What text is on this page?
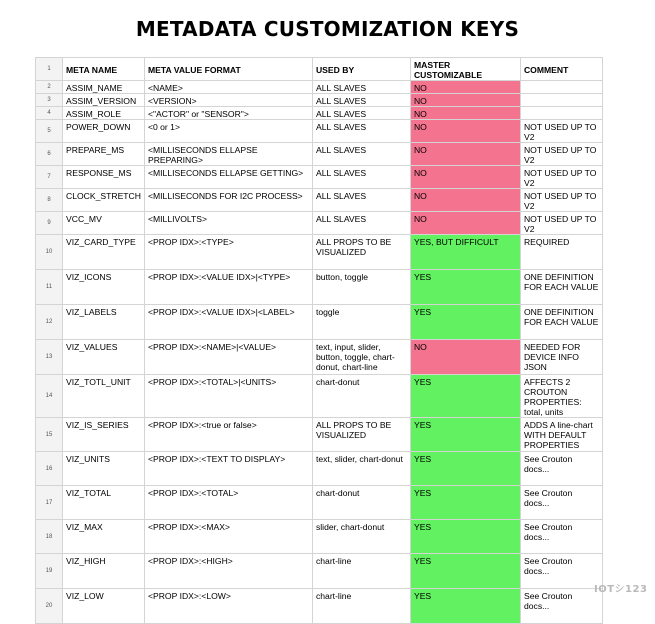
METADATA CUSTOMIZATION KEYS
1	META NAME	META VALUE FORMAT	USED BY	MASTER CUSTOMIZABLE	COMMENT
2	ASSIM_NAME	<NAME>	ALL SLAVES	NO	
3	ASSIM_VERSION	<VERSION>	ALL SLAVES	NO	
4	ASSIM_ROLE	<"ACTOR" or "SENSOR">	ALL SLAVES	NO	
5	POWER_DOWN	<0 or 1>	ALL SLAVES	NO	NOT USED UP TO V2
6	PREPARE_MS	<MILLISECONDS ELLAPSE PREPARING>	ALL SLAVES	NO	NOT USED UP TO V2
7	RESPONSE_MS	<MILLISECONDS ELLAPSE GETTING>	ALL SLAVES	NO	NOT USED UP TO V2
8	CLOCK_STRETCH	<MILLISECONDS FOR I2C PROCESS>	ALL SLAVES	NO	NOT USED UP TO V2
9	VCC_MV	<MILLIVOLTS>	ALL SLAVES	NO	NOT USED UP TO V2
10	VIZ_CARD_TYPE	<PROP IDX>:<TYPE>	ALL PROPS TO BE VISUALIZED	YES, BUT DIFFICULT	REQUIRED
11	VIZ_ICONS	<PROP IDX>:<VALUE IDX>|<TYPE>	button, toggle	YES	ONE DEFINITION FOR EACH VALUE
12	VIZ_LABELS	<PROP IDX>:<VALUE IDX>|<LABEL>	toggle	YES	ONE DEFINITION FOR EACH VALUE
13	VIZ_VALUES	<PROP IDX>:<NAME>|<VALUE>	text, input, slider, button, toggle, chart-donut, chart-line	NO	NEEDED FOR DEVICE INFO JSON
14	VIZ_TOTL_UNIT	<PROP IDX>:<TOTAL>|<UNITS>	chart-donut	YES	AFFECTS 2 CROUTON PROPERTIES: total, units
15	VIZ_IS_SERIES	<PROP IDX>:<true or false>	ALL PROPS TO BE VISUALIZED	YES	ADDS A line-chart WITH DEFAULT PROPERTIES
16	VIZ_UNITS	<PROP IDX>:<TEXT TO DISPLAY>	text, slider, chart-donut	YES	See Crouton docs...
17	VIZ_TOTAL	<PROP IDX>:<TOTAL>	chart-donut	YES	See Crouton docs...
18	VIZ_MAX	<PROP IDX>:<MAX>	slider, chart-donut	YES	See Crouton docs...
19	VIZ_HIGH	<PROP IDX>:<HIGH>	chart-line	YES	See Crouton docs...
20	VIZ_LOW	<PROP IDX>:<LOW>	chart-line	YES	See Crouton docs...
IOTシ123
